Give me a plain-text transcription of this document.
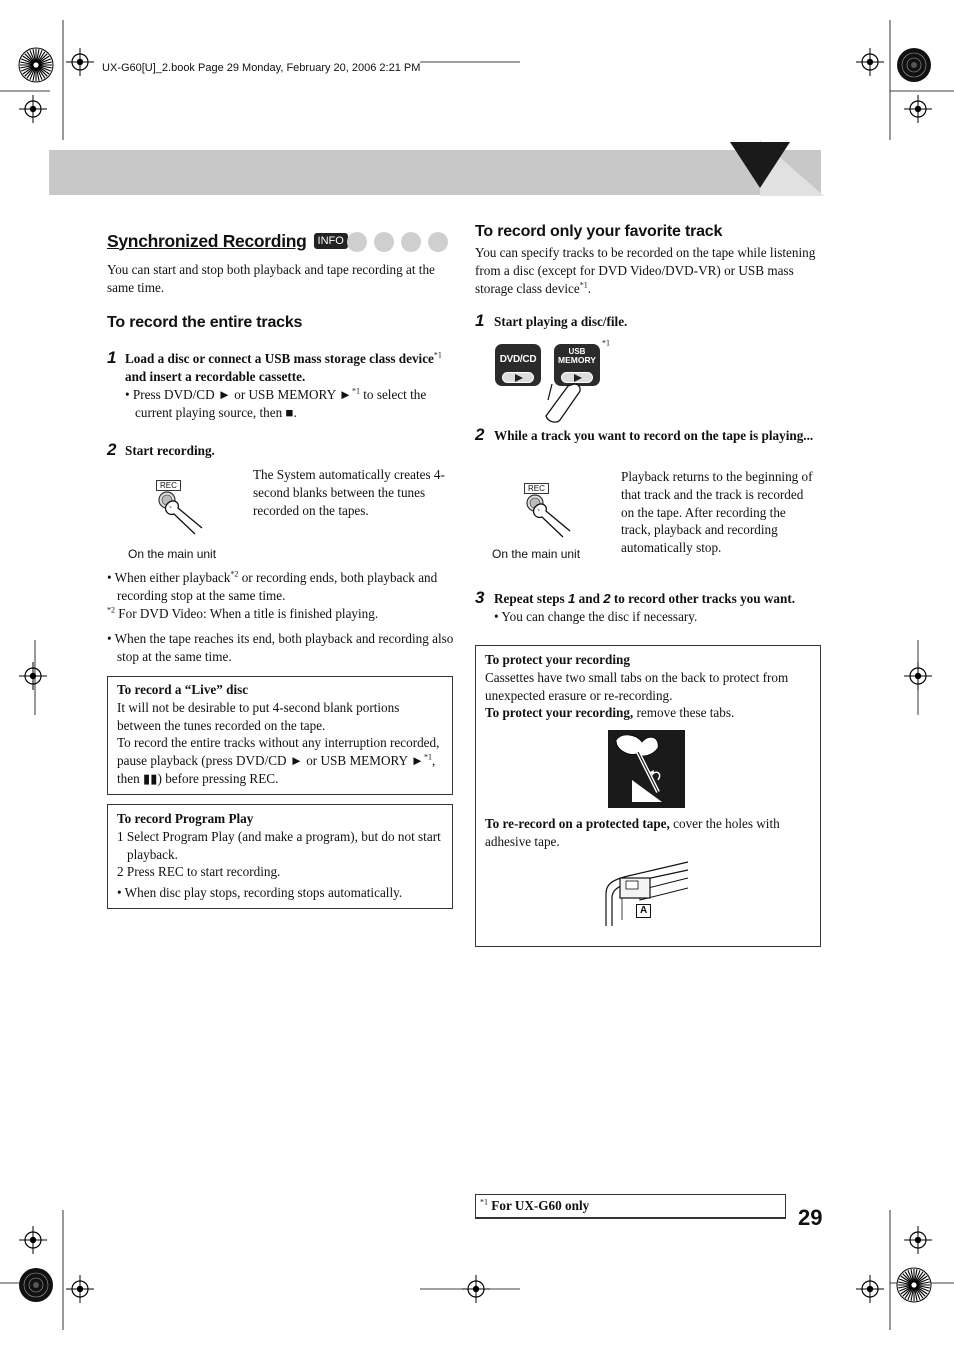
UX-G60[U]_2.book Page 29 Monday, February 20, 2006 2:21 PM
Synchronized Recording	INFO
You can start and stop both playback and tape recording at the same time.
To record the entire tracks
1 Load a disc or connect a USB mass storage class device$^{*1}$ and insert a recordable cassette.
• Press DVD/CD ► or USB MEMORY ►$^{*1}$ to select the current playing source, then ■.
2 Start recording.
REC
The System automatically creates 4-second blanks between the tunes recorded on the tapes.
On the main unit
• When either playback$^{*2}$ or recording ends, both playback and recording stop at the same time.
$^{*2}$ For DVD Video: When a title is finished playing.
• When the tape reaches its end, both playback and recording also stop at the same time.
To record a “Live” disc
It will not be desirable to put 4-second blank portions between the tunes recorded on the tape.
To record the entire tracks without any interruption recorded, pause playback (press DVD/CD ► or USB MEMORY ►$^{*1}$, then ▮▮) before pressing REC.
To record Program Play
1 Select Program Play (and make a program), but do not start playback.
2 Press REC to start recording.
• When disc play stops, recording stops automatically.
To record only your favorite track
You can specify tracks to be recorded on the tape while listening from a disc (except for DVD Video/DVD-VR) or USB mass storage class device$^{*1}$.
1 Start playing a disc/file.
DVD/CD
USB
MEMORY
$^{*1}$
2 While a track you want to record on the tape is playing...
REC
On the main unit
Playback returns to the beginning of that track and the track is recorded on the tape. After recording the track, playback and recording automatically stop.
3 Repeat steps 1 and 2 to record other tracks you want.
• You can change the disc if necessary.
To protect your recording
Cassettes have two small tabs on the back to protect from unexpected erasure or re-recording.
To protect your recording, remove these tabs.
To re-record on a protected tape, cover the holes with adhesive tape.
A
$^{*1}$ For UX-G60 only	29
